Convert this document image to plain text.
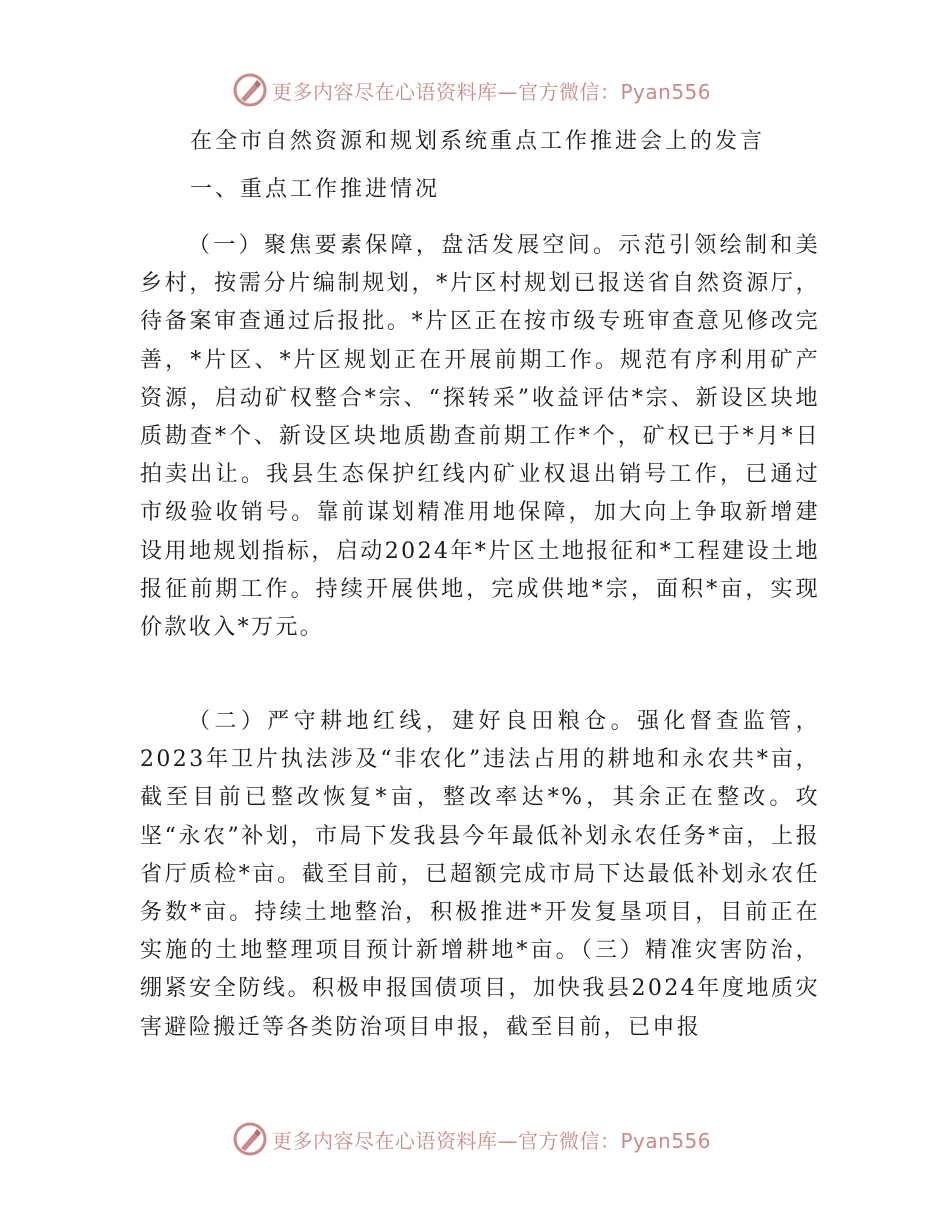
更多内容尽在心语资料库—官方微信：Pyan556
在全市自然资源和规划系统重点工作推进会上的发言
一、重点工作推进情况

（一）聚焦要素保障，盘活发展空间。示范引领绘制和美乡村，按需分片编制规划，*片区村规划已报送省自然资源厅，待备案审查通过后报批。*片区正在按市级专班审查意见修改完善，*片区、*片区规划正在开展前期工作。规范有序利用矿产资源，启动矿权整合*宗、“探转采”收益评估*宗、新设区块地质勘查*个、新设区块地质勘查前期工作*个，矿权已于*月*日拍卖出让。我县生态保护红线内矿业权退出销号工作，已通过市级验收销号。靠前谋划精准用地保障，加大向上争取新增建设用地规划指标，启动2024年*片区土地报征和*工程建设土地报征前期工作。持续开展供地，完成供地*宗，面积*亩，实现价款收入*万元。

（二）严守耕地红线，建好良田粮仓。强化督查监管，2023年卫片执法涉及“非农化”违法占用的耕地和永农共*亩，截至目前已整改恢复*亩，整改率达*%，其余正在整改。攻坚“永农”补划，市局下发我县今年最低补划永农任务*亩，上报省厅质检*亩。截至目前，已超额完成市局下达最低补划永农任务数*亩。持续土地整治，积极推进*开发复垦项目，目前正在实施的土地整理项目预计新增耕地*亩。（三）精准灾害防治，绷紧安全防线。积极申报国债项目，加快我县2024年度地质灾害避险搬迁等各类防治项目申报，截至目前，已申报

更多内容尽在心语资料库—官方微信：Pyan556
